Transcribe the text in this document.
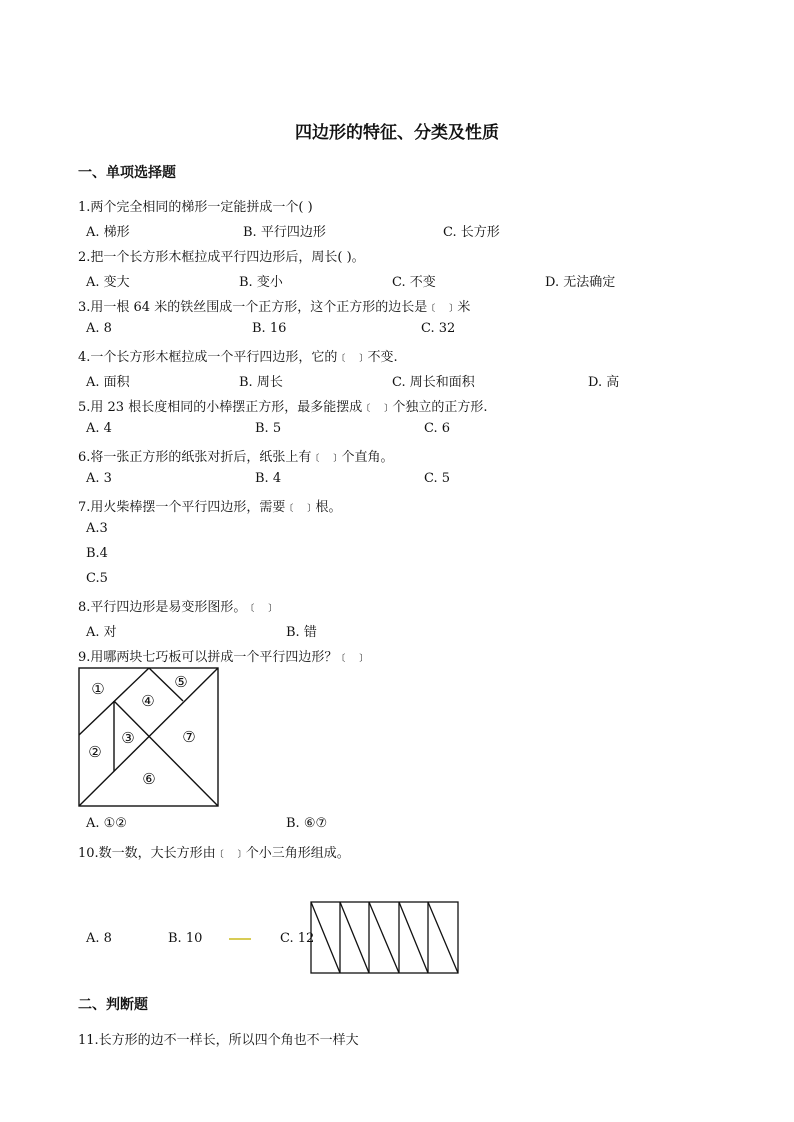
四边形的特征、分类及性质
一、单项选择题
1.两个完全相同的梯形一定能拼成一个( )
A. 梯形	B. 平行四边形	C. 长方形
2.把一个长方形木框拉成平行四边形后，周长( )。
A. 变大	B. 变小	C. 不变	D. 无法确定
3.用一根 64 米的铁丝围成一个正方形，这个正方形的边长是﹝ ﹞米
A. 8	B. 16	C. 32
4.一个长方形木框拉成一个平行四边形，它的﹝ ﹞不变.
A. 面积	B. 周长	C. 周长和面积	D. 高
5.用 23 根长度相同的小棒摆正方形，最多能摆成﹝ ﹞个独立的正方形.
A. 4	B. 5	C. 6
6.将一张正方形的纸张对折后，纸张上有﹝ ﹞个直角。
A. 3	B. 4	C. 5
7.用火柴棒摆一个平行四边形，需要﹝ ﹞根。
A.3
B.4
C.5
8.平行四边形是易变形图形。﹝ ﹞
A. 对	B. 错
9.用哪两块七巧板可以拼成一个平行四边形？﹝ ﹞
①
②
③
④
⑤
⑥
⑦
A. ①②	B. ⑥⑦
10.数一数，大长方形由﹝ ﹞个小三角形组成。
A. 8	B. 10	C. 12
二、判断题
11.长方形的边不一样长，所以四个角也不一样大
